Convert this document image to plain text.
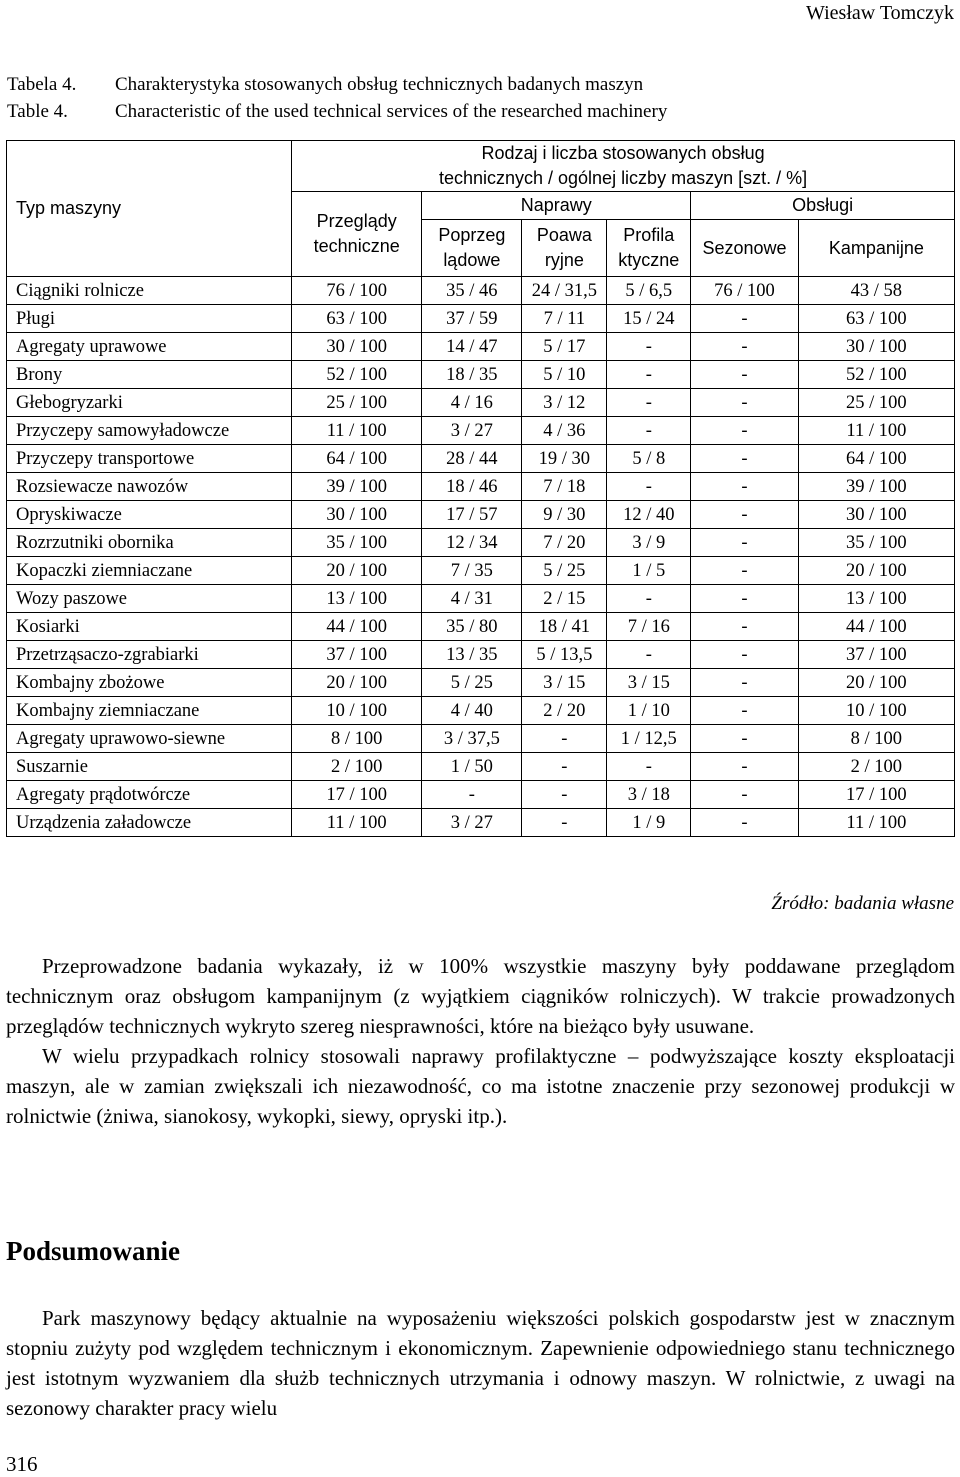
Wiesław Tomczyk
Tabela 4.	Charakterystyka stosowanych obsług technicznych badanych maszyn
Table 4.	Characteristic of the used technical services of the researched machinery
Typ maszyny	Rodzaj i liczba stosowanych obsług technicznych / ogólnej liczby maszyn [szt. / %]					
	Przeglądy techniczne	Naprawy			Obsługi	
		Poprzeg lądowe	Poawa ryjne	Profila ktyczne	Sezonowe	Kampanijne
Ciągniki rolnicze	76 / 100	35 / 46	24 / 31,5	5 / 6,5	76 / 100	43 / 58
Pługi	63 / 100	37 / 59	7 / 11	15 / 24	-	63 / 100
Agregaty uprawowe	30 / 100	14 / 47	5 / 17	-	-	30 / 100
Brony	52 / 100	18 / 35	5 / 10	-	-	52 / 100
Głebogryzarki	25 / 100	4 / 16	3 / 12	-	-	25 / 100
Przyczepy samowyładowcze	11 / 100	3 / 27	4 / 36	-	-	11 / 100
Przyczepy transportowe	64 / 100	28 / 44	19 / 30	5 / 8	-	64 / 100
Rozsiewacze nawozów	39 / 100	18 / 46	7 / 18	-	-	39 / 100
Opryskiwacze	30 / 100	17 / 57	9 / 30	12 / 40	-	30 / 100
Rozrzutniki obornika	35 / 100	12 / 34	7 / 20	3 / 9	-	35 / 100
Kopaczki ziemniaczane	20 / 100	7 / 35	5 / 25	1 / 5	-	20 / 100
Wozy paszowe	13 / 100	4 / 31	2 / 15	-	-	13 / 100
Kosiarki	44 / 100	35 / 80	18 / 41	7 / 16	-	44 / 100
Przetrząsaczo-zgrabiarki	37 / 100	13 / 35	5 / 13,5	-	-	37 / 100
Kombajny zbożowe	20 / 100	5 / 25	3 / 15	3 / 15	-	20 / 100
Kombajny ziemniaczane	10 / 100	4 / 40	2 / 20	1 / 10	-	10 / 100
Agregaty uprawowo-siewne	8 / 100	3 / 37,5	-	1 / 12,5	-	8 / 100
Suszarnie	2 / 100	1 / 50	-	-	-	2 / 100
Agregaty prądotwórcze	17 / 100	-	-	3 / 18	-	17 / 100
Urządzenia załadowcze	11 / 100	3 / 27	-	1 / 9	-	11 / 100
Źródło: badania własne

Przeprowadzone badania wykazały, iż w 100% wszystkie maszyny były poddawane przeglądom technicznym oraz obsługom kampanijnym (z wyjątkiem ciągników rolniczych). W trakcie prowadzonych przeglądów technicznych wykryto szereg niesprawności, które na bieżąco były usuwane.

W wielu przypadkach rolnicy stosowali naprawy profilaktyczne – podwyższające koszty eksploatacji maszyn, ale w zamian zwiększali ich niezawodność, co ma istotne znaczenie przy sezonowej produkcji w rolnictwie (żniwa, sianokosy, wykopki, siewy, opryski itp.).

Podsumowanie

Park maszynowy będący aktualnie na wyposażeniu większości polskich gospodarstw jest w znacznym stopniu zużyty pod względem technicznym i ekonomicznym. Zapewnienie odpowiedniego stanu technicznego jest istotnym wyzwaniem dla służb technicznych utrzymania i odnowy maszyn. W rolnictwie, z uwagi na sezonowy charakter pracy wielu

316
